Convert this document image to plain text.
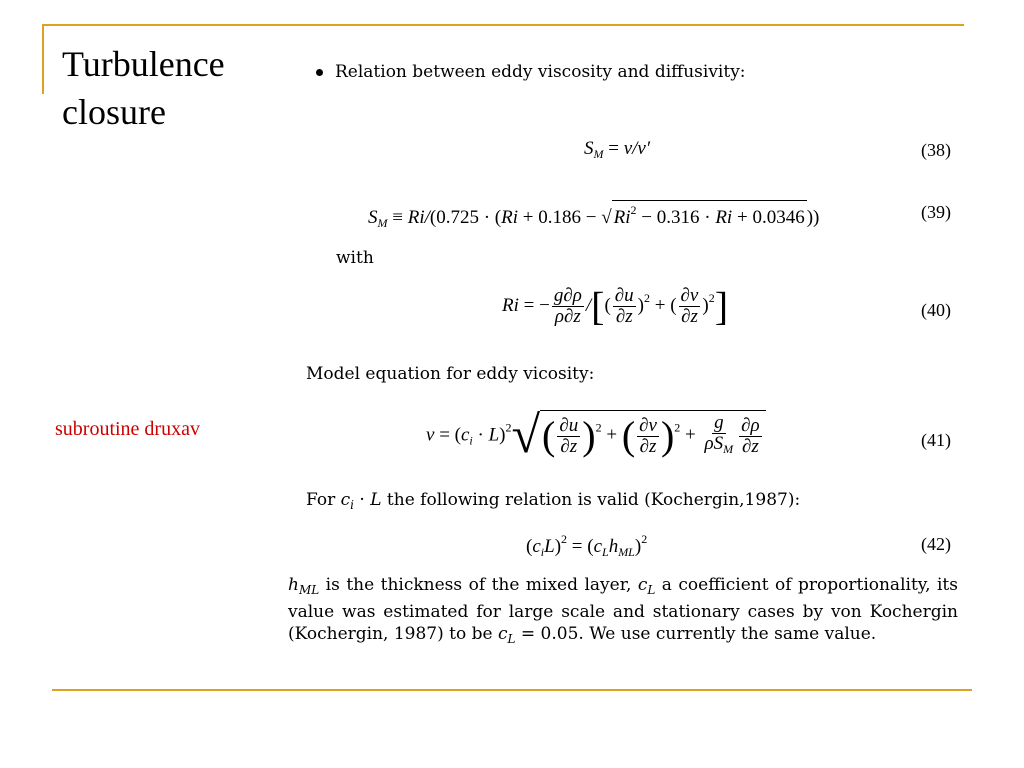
Turbulence closure
subroutine druxav
Relation between eddy viscosity and diffusivity:
$S_M = \nu/\nu'$	(38)
$S_M \equiv Ri/(0.725 \cdot (Ri + 0.186$ − √ $Ri^2 - 0.316 \cdot Ri + 0.0346$ ))	(39)
with
Ri = − $\frac{g\partial\rho}{\rho\partial z}$ /[( $\frac{\partial u}{\partial z} )^2$ + ( $\frac{\partial v}{\partial z} )^2$]	(40)
Model equation for eddy vicosity:
$\nu = (c_i \cdot L)^2√( \frac{\partial u}{\partial z} )^2$ + ( $\frac{\partial v}{\partial z} )^2 + \frac{g}{\rho S_M} \frac{\partial\rho}{\partial z}$	(41)
For $c_i \cdot L$ the following relation is valid (Kochergin,1987):
$(c_iL)^2 = (c_Lh_{ML})^2$	(42)
$h_{ML}$ is the thickness of the mixed layer, $c_L$ a coefficient of proportionality, its value was estimated for large scale and stationary cases by von Kochergin (Kochergin, 1987) to be $c_L = 0.05$. We use currently the same value.
